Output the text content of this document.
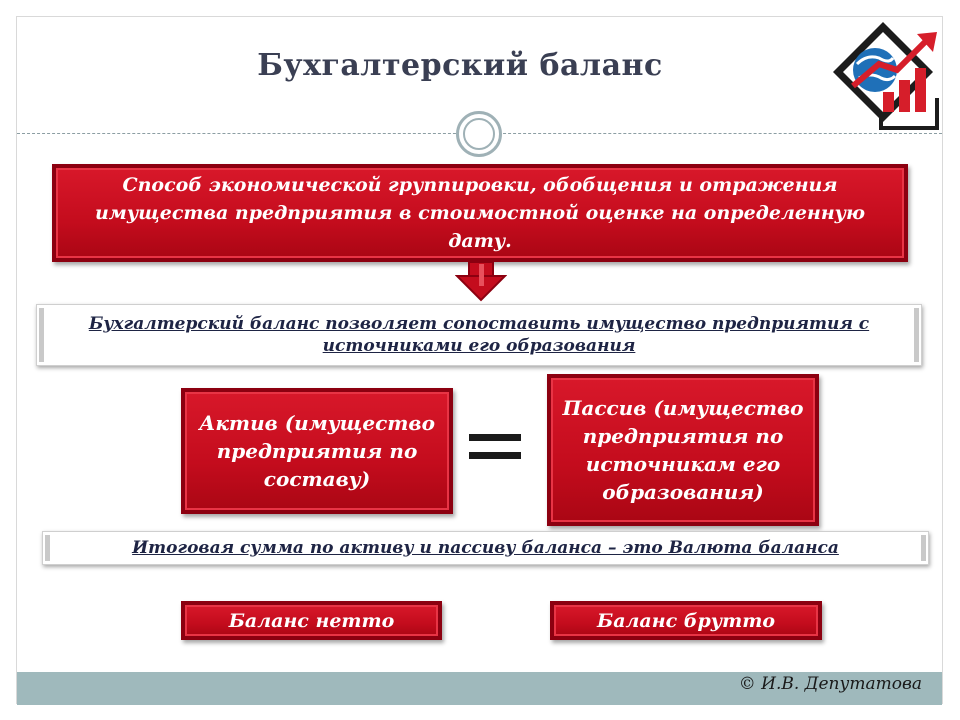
Бухгалтерский баланс
Способ экономической группировки, обобщения и отражения имущества предприятия в стоимостной оценке на определенную дату.
Бухгалтерский баланс позволяет сопоставить имущество предприятия с источниками его образования
Актив (имущество предприятия по составу)
Пассив (имущество предприятия по источникам его образования)
Итоговая сумма по активу и пассиву баланса – это Валюта баланса
Баланс нетто	Баланс брутто
© И.В. Депутатова
